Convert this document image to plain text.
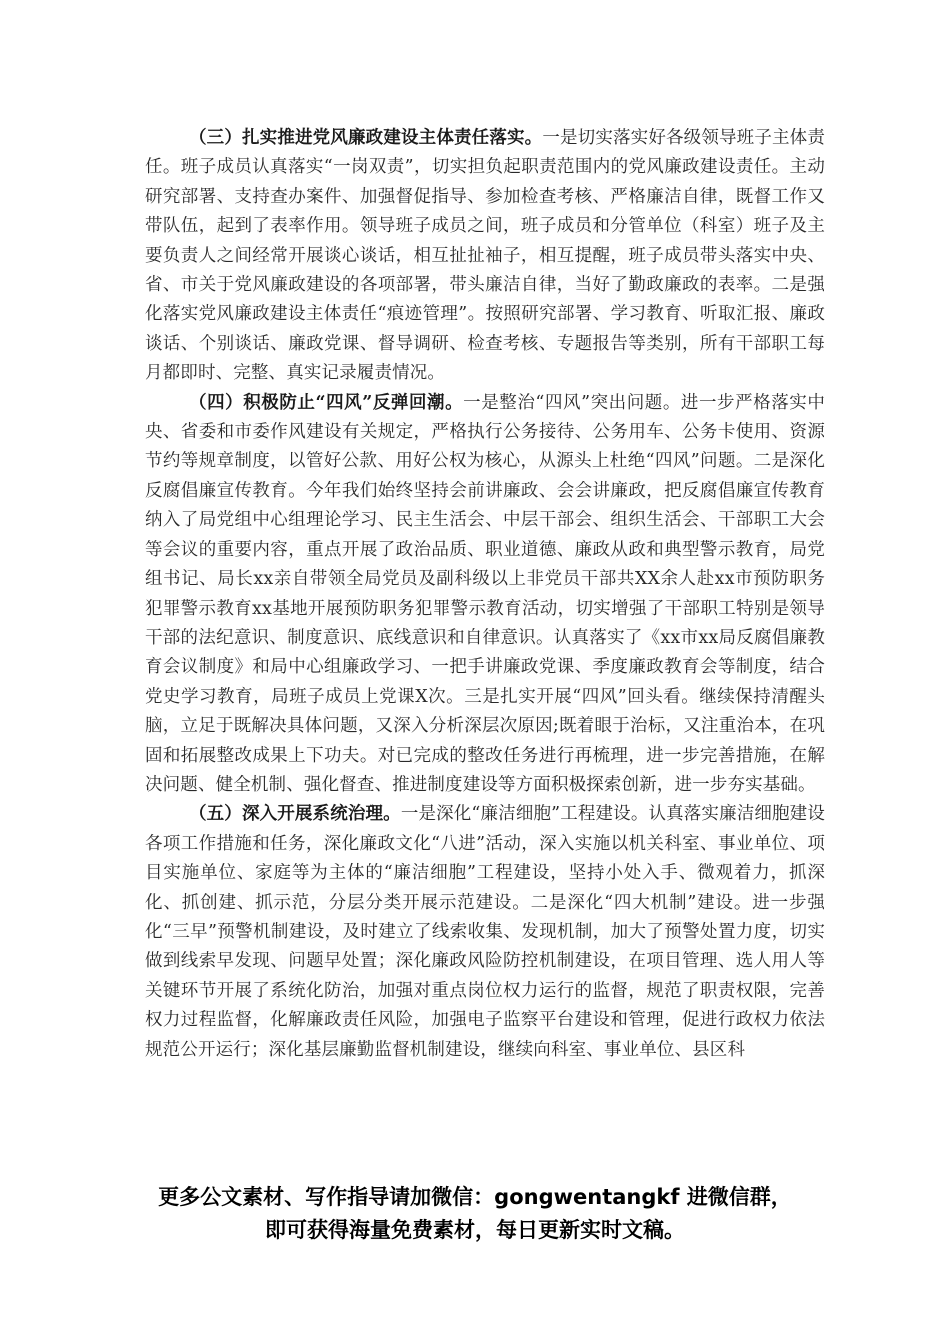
（三）扎实推进党风廉政建设主体责任落实。一是切实落实好各级领导班子主体责任。班子成员认真落实“一岗双责”，切实担负起职责范围内的党风廉政建设责任。主动研究部署、支持查办案件、加强督促指导、参加检查考核、严格廉洁自律，既督工作又带队伍，起到了表率作用。领导班子成员之间，班子成员和分管单位（科室）班子及主要负责人之间经常开展谈心谈话，相互扯扯袖子，相互提醒，班子成员带头落实中央、省、市关于党风廉政建设的各项部署，带头廉洁自律，当好了勤政廉政的表率。二是强化落实党风廉政建设主体责任“痕迹管理”。按照研究部署、学习教育、听取汇报、廉政谈话、个别谈话、廉政党课、督导调研、检查考核、专题报告等类别，所有干部职工每月都即时、完整、真实记录履责情况。

（四）积极防止“四风”反弹回潮。一是整治“四风”突出问题。进一步严格落实中央、省委和市委作风建设有关规定，严格执行公务接待、公务用车、公务卡使用、资源节约等规章制度，以管好公款、用好公权为核心，从源头上杜绝“四风”问题。二是深化反腐倡廉宣传教育。今年我们始终坚持会前讲廉政、会会讲廉政，把反腐倡廉宣传教育纳入了局党组中心组理论学习、民主生活会、中层干部会、组织生活会、干部职工大会等会议的重要内容，重点开展了政治品质、职业道德、廉政从政和典型警示教育，局党组书记、局长xx亲自带领全局党员及副科级以上非党员干部共XX余人赴xx市预防职务犯罪警示教育xx基地开展预防职务犯罪警示教育活动，切实增强了干部职工特别是领导干部的法纪意识、制度意识、底线意识和自律意识。认真落实了《xx市xx局反腐倡廉教育会议制度》和局中心组廉政学习、一把手讲廉政党课、季度廉政教育会等制度，结合党史学习教育，局班子成员上党课X次。三是扎实开展“四风”回头看。继续保持清醒头脑，立足于既解决具体问题，又深入分析深层次原因;既着眼于治标，又注重治本，在巩固和拓展整改成果上下功夫。对已完成的整改任务进行再梳理，进一步完善措施，在解决问题、健全机制、强化督查、推进制度建设等方面积极探索创新，进一步夯实基础。

（五）深入开展系统治理。一是深化“廉洁细胞”工程建设。认真落实廉洁细胞建设各项工作措施和任务，深化廉政文化“八进”活动，深入实施以机关科室、事业单位、项目实施单位、家庭等为主体的“廉洁细胞”工程建设，坚持小处入手、微观着力，抓深化、抓创建、抓示范，分层分类开展示范建设。二是深化“四大机制”建设。进一步强化“三早”预警机制建设，及时建立了线索收集、发现机制，加大了预警处置力度，切实做到线索早发现、问题早处置；深化廉政风险防控机制建设，在项目管理、选人用人等关键环节开展了系统化防治，加强对重点岗位权力运行的监督，规范了职责权限，完善权力过程监督，化解廉政责任风险，加强电子监察平台建设和管理，促进行政权力依法规范公开运行；深化基层廉勤监督机制建设，继续向科室、事业单位、县区科

更多公文素材、写作指导请加微信：gongwentangkf 进微信群，
即可获得海量免费素材，每日更新实时文稿。
